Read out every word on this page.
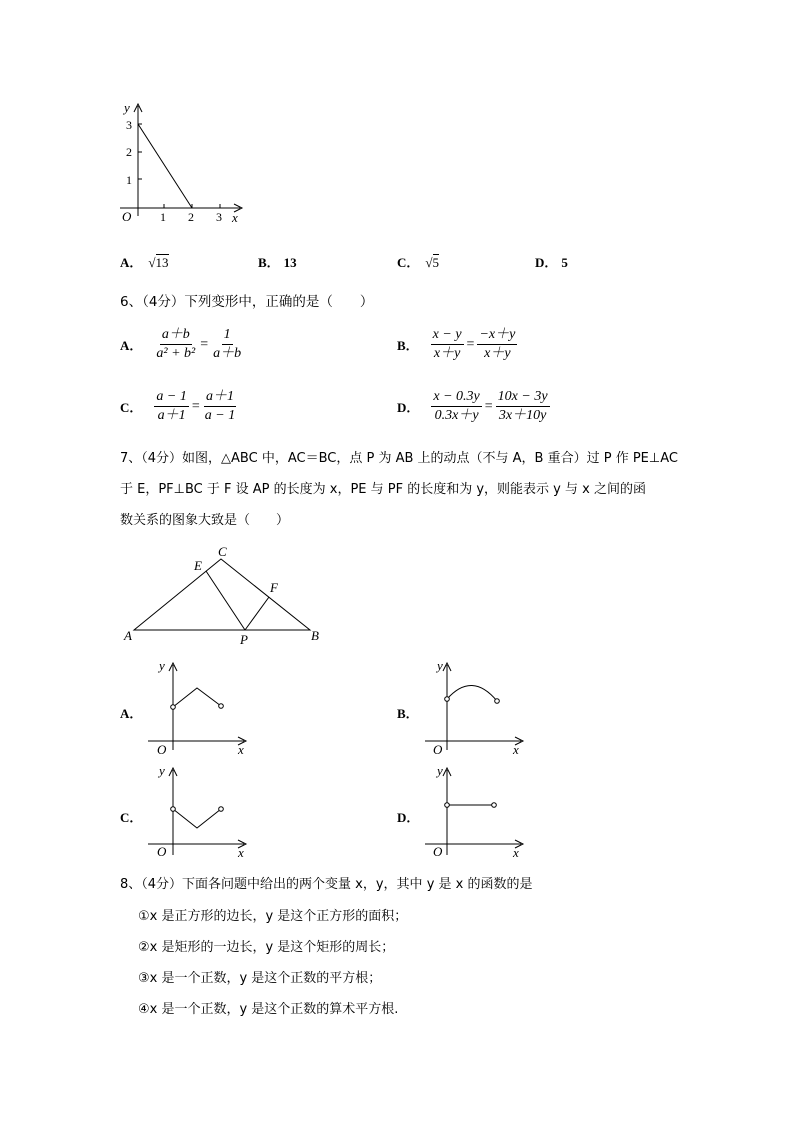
y
3
2
1
O 1 2 3 x
A． √13	B． 13	C． √5	D． 5
6、（4分）下列变形中，正确的是（　　）
A． $\frac{a+b}{\text{a² + b²}} = \frac{1}{a+b}$	B． $\frac{x - y}{x+y} = \frac{-x+y}{x+y}$
C． $\frac{a - 1}{a+1} = \frac{a+1}{a - 1}$	D． $\frac{x - 0.3y}{0.3x+y} = \frac{10x - 3y}{3x+10y}$
7、（4分）如图，△ABC 中，AC＝BC，点 P 为 AB 上的动点（不与 A，B 重合）过 P 作 PE⊥AC
于 E，PF⊥BC 于 F 设 AP 的长度为 x，PE 与 PF 的长度和为 y，则能表示 y 与 x 之间的函
数关系的图象大致是（　　）
C
E
F
A	P	B
A．
y
O	x
B．
y
O	x
C．
y
O	x
D．
y
O	x
8、（4分）下面各问题中给出的两个变量 x，y，其中 y 是 x 的函数的是
①x 是正方形的边长，y 是这个正方形的面积；
②x 是矩形的一边长，y 是这个矩形的周长；
③x 是一个正数，y 是这个正数的平方根；
④x 是一个正数，y 是这个正数的算术平方根.
